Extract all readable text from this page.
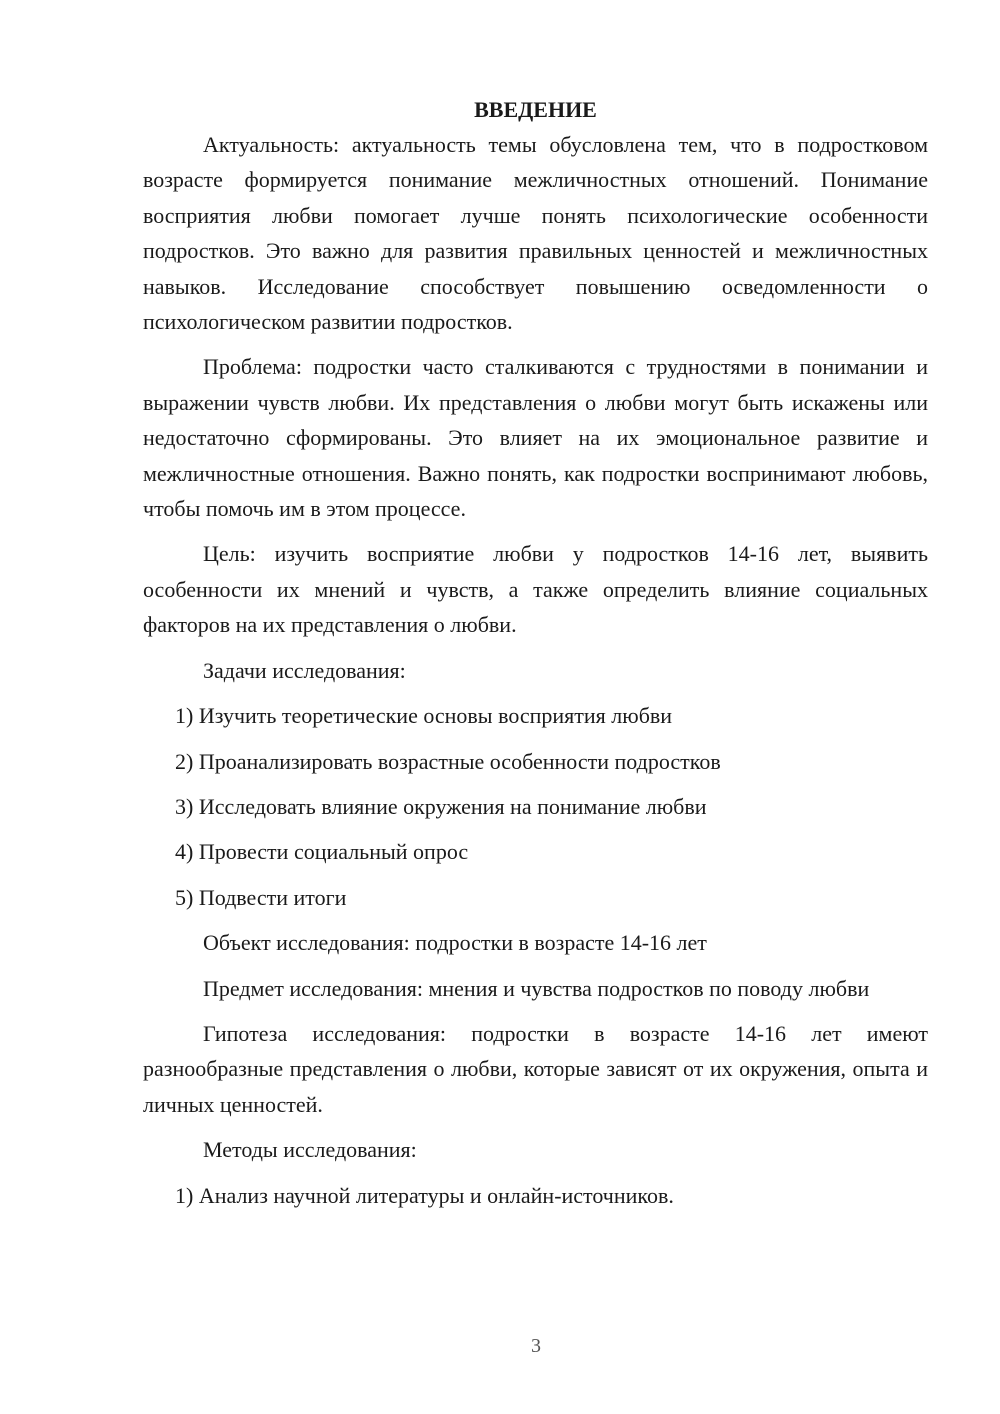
ВВЕДЕНИЕ

Актуальность: актуальность темы обусловлена тем, что в подростковом возрасте формируется понимание межличностных отношений. Понимание восприятия любви помогает лучше понять психологические особенности подростков. Это важно для развития правильных ценностей и межличностных навыков. Исследование способствует повышению осведомленности о психологическом развитии подростков.

Проблема: подростки часто сталкиваются с трудностями в понимании и выражении чувств любви. Их представления о любви могут быть искажены или недостаточно сформированы. Это влияет на их эмоциональное развитие и межличностные отношения. Важно понять, как подростки воспринимают любовь, чтобы помочь им в этом процессе.

Цель: изучить восприятие любви у подростков 14-16 лет, выявить особенности их мнений и чувств, а также определить влияние социальных факторов на их представления о любви.

Задачи исследования:

1) Изучить теоретические основы восприятия любви

2) Проанализировать возрастные особенности подростков

3) Исследовать влияние окружения на понимание любви

4) Провести социальный опрос

5) Подвести итоги

Объект исследования: подростки в возрасте 14-16 лет

Предмет исследования: мнения и чувства подростков по поводу любви

Гипотеза исследования: подростки в возрасте 14-16 лет имеют разнообразные представления о любви, которые зависят от их окружения, опыта и личных ценностей.

Методы исследования:

1) Анализ научной литературы и онлайн-источников.

3
